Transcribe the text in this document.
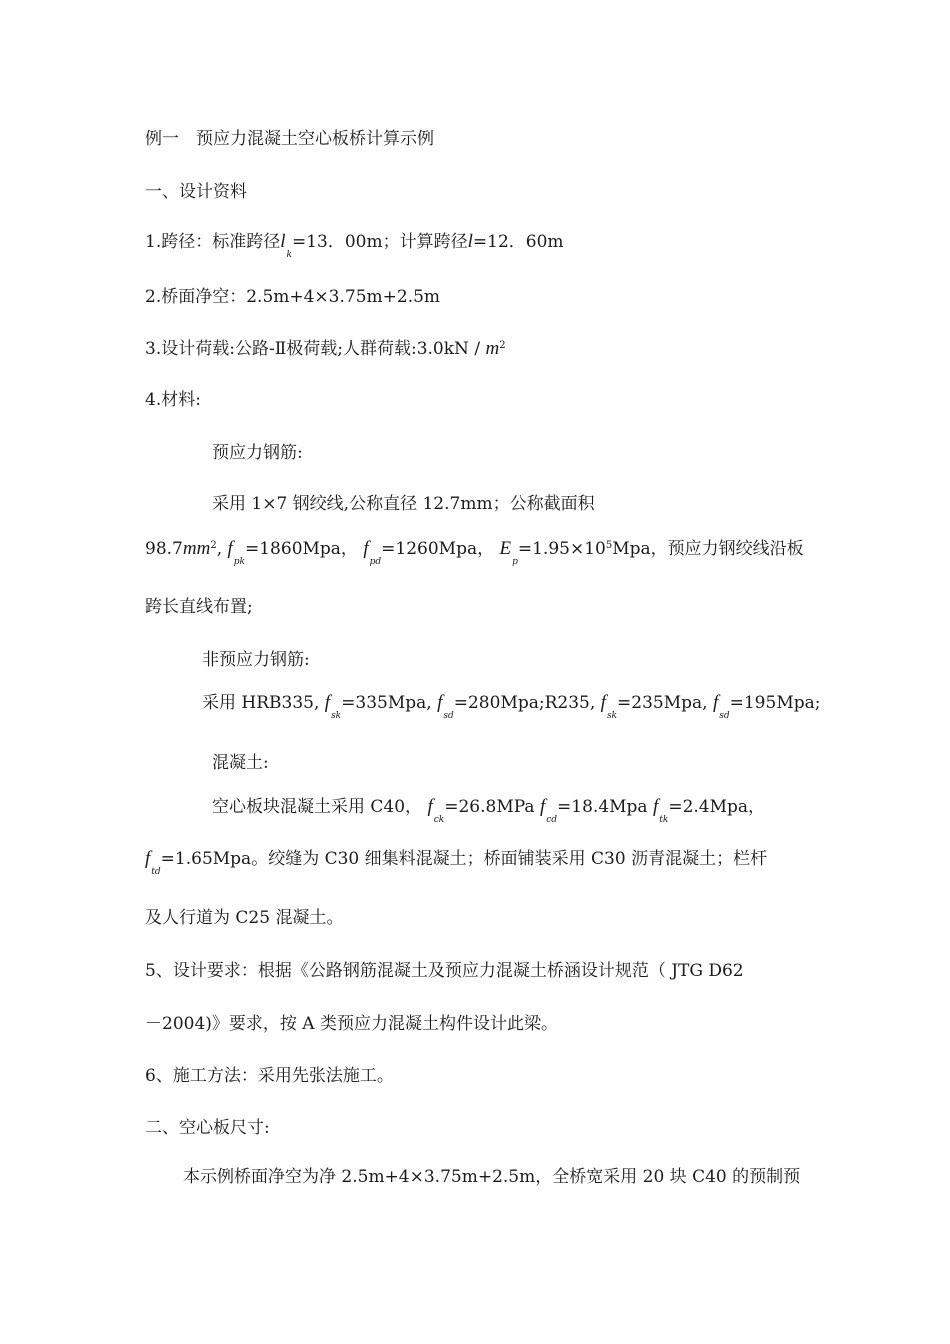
例一　预应力混凝土空心板桥计算示例
一、设计资料
1.跨径：标准跨径$l_k=13$．00m；计算跨径l=12．60m
2.桥面净空：2.5m+4×3.75m+2.5m
3.设计荷载:公路-Ⅱ极荷载;人群荷载:3.0kN / $m^2$
4.材料:
预应力钢筋:
采用 1×7 钢绞线,公称直径 12.7mm；公称截面积
$98.7mm^2$, $f_{pk}=1860Mpa$， $f_{pd}=1260Mpa$， $E_p=1.95\times 10^5Mpa$，预应力钢绞线沿板
跨长直线布置;
非预应力钢筋:
采用 HRB335, $f_{sk}=335Mpa$, $f_{sd}=280Mpa;R235$, $f_{sk}=235Mpa$, $f_{sd}=195Mpa$;
混凝土:
空心板块混凝土采用 C40， $f_{ck}=26.8MPa$ $f_{cd}=18.4Mpa$ $f_{tk}=2.4Mpa$，
$f_{td}=1.65Mpa$。绞缝为 C30 细集料混凝土；桥面铺装采用 C30 沥青混凝土；栏杆
及人行道为 C25 混凝土。
5、设计要求：根据《公路钢筋混凝土及预应力混凝土桥涵设计规范（ JTG D62
－2004)》要求，按 A 类预应力混凝土构件设计此梁。
6、施工方法：采用先张法施工。
二、空心板尺寸:
本示例桥面净空为净 2.5m+4×3.75m+2.5m，全桥宽采用 20 块 C40 的预制预
